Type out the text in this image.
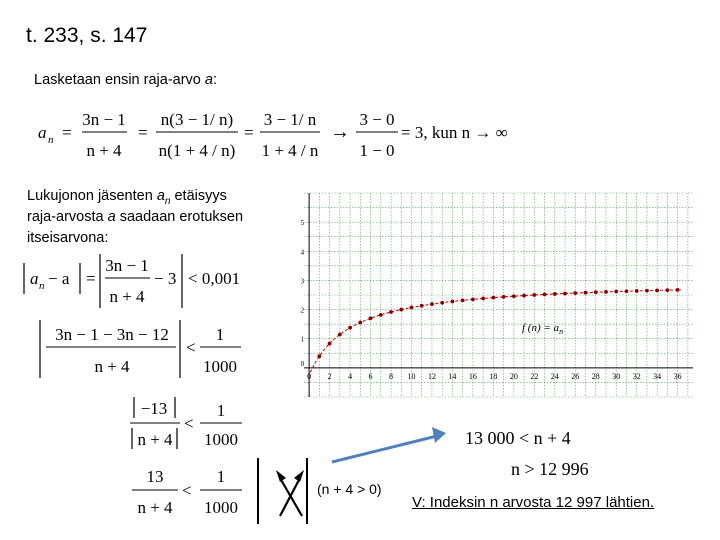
t. 233, s. 147
Lasketaan ensin raja-arvo a:
Lukujonon jäsenten $a_n$ etäisyys
raja-arvosta a saadaan erotuksen
itseisarvona:
a n =
3n − 1
n + 4
=
n(3 − 1/ n)
n(1 + 4 / n)
=
3 − 1/ n
1 + 4 / n
→
3 − 0
1 − 0
= 3, kun n → ∞
a n − a =
3n − 1
n + 4
− 3 < 0,001
3n − 1 − 3n − 12
n + 4
<
1
1000
−13
n + 4
<
1
1000
13
n + 4
<
1
1000
13 000 < n + 4
n > 12 996
(n + 4 > 0)
V: Indeksin n arvosta 12 997 lähtien.
0 2 4 6 8 10 12 14 16 18 20 22 24 26 28 30 32 34 36
1
2
3
4
5
0
f $(n) = a_n$
